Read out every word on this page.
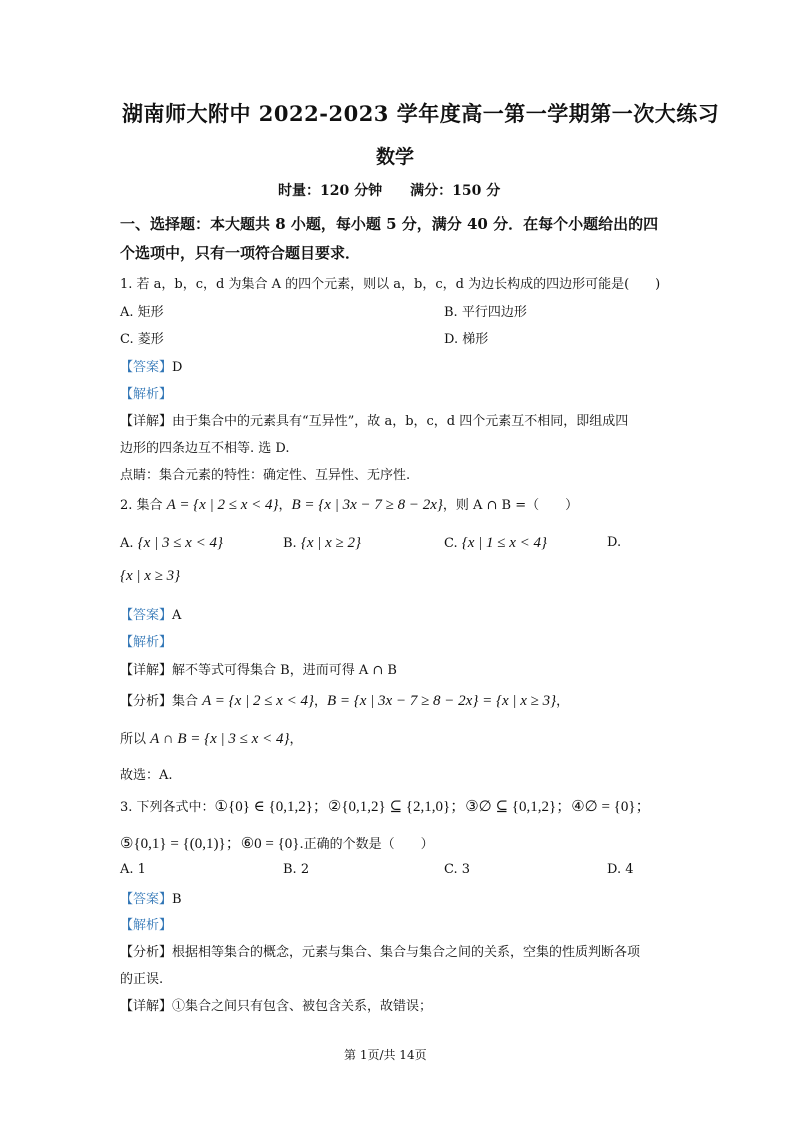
湖南师大附中 2022-2023 学年度高一第一学期第一次大练习
数学
时量：120 分钟　　满分：150 分
一、选择题：本大题共 8 小题，每小题 5 分，满分 40 分．在每个小题给出的四
个选项中，只有一项符合题目要求．
1. 若 a，b，c，d 为集合 A 的四个元素，则以 a，b，c，d 为边长构成的四边形可能是(　　)
A. 矩形	B. 平行四边形
C. 菱形	D. 梯形
【答案】D
【解析】
【详解】由于集合中的元素具有“互异性”，故 a，b，c，d 四个元素互不相同，即组成四
边形的四条边互不相等. 选 D.
点睛：集合元素的特性：确定性、互异性、无序性.
2. 集合 A = {x | 2 ≤ x < 4}，B = {x | 3x − 7 ≥ 8 − 2x}，则 A ∩ B =（　　）
A. {x | 3 ≤ x < 4}	B. {x | x ≥ 2}	C. {x | 1 ≤ x < 4}	D.
{x | x ≥ 3}
【答案】A
【解析】
【详解】解不等式可得集合 B，进而可得 A ∩ B
【分析】集合 A = {x | 2 ≤ x < 4}，B = {x | 3x − 7 ≥ 8 − 2x} = {x | x ≥ 3}，
所以 A ∩ B = {x | 3 ≤ x < 4}，
故选：A.
3. 下列各式中：①{0} ∈ {0,1,2}；②{0,1,2} ⊆ {2,1,0}；③∅ ⊆ {0,1,2}；④∅ = {0}；
⑤{0,1} = {(0,1)}；⑥0 = {0}.正确的个数是（　　）
A. 1	B. 2	C. 3	D. 4
【答案】B
【解析】
【分析】根据相等集合的概念，元素与集合、集合与集合之间的关系，空集的性质判断各项
的正误.
【详解】①集合之间只有包含、被包含关系，故错误；
第 1页/共 14页
